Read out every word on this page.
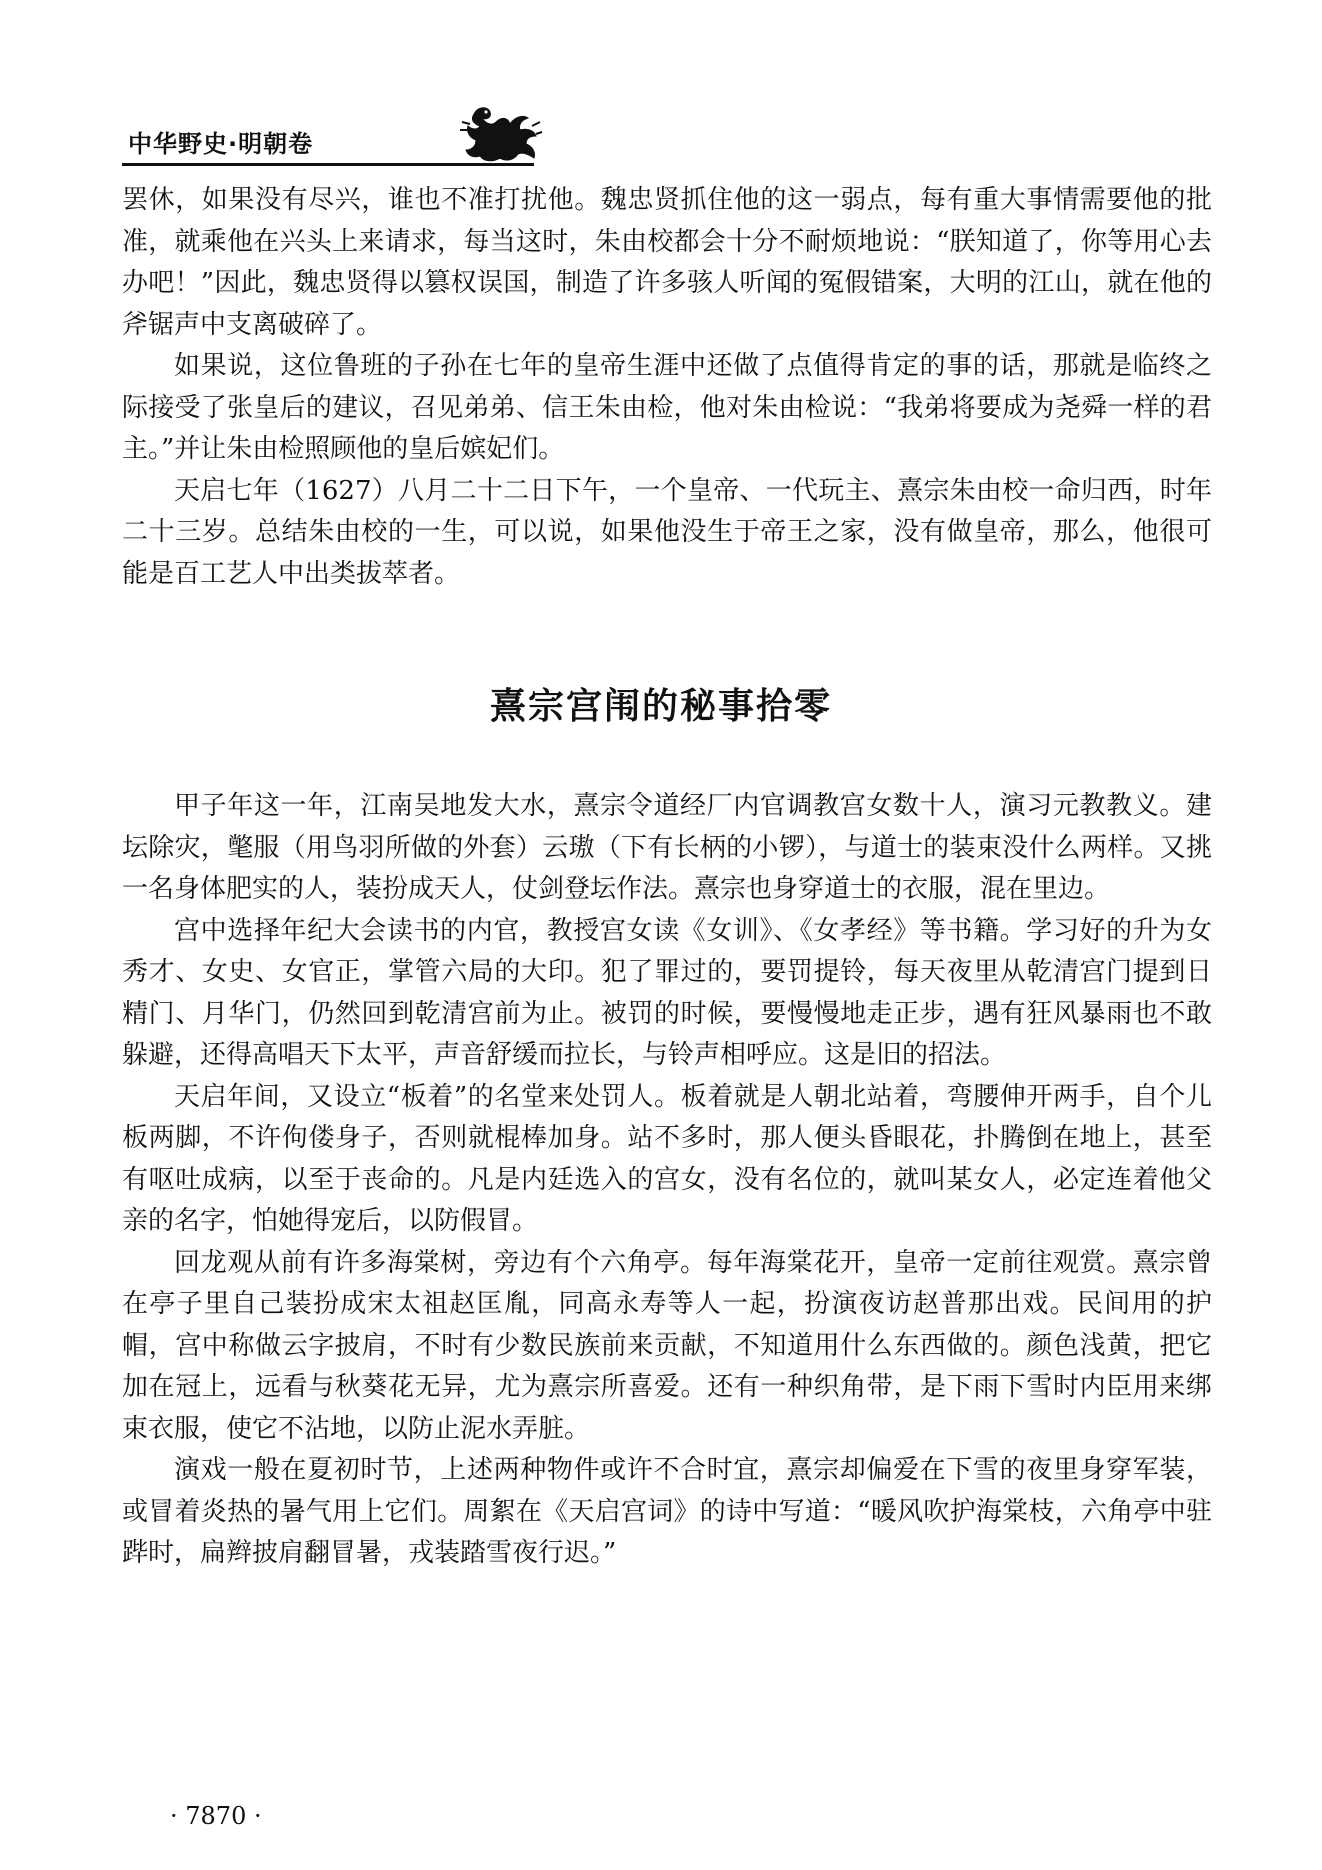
中华野史·明朝卷

罢休，如果没有尽兴，谁也不准打扰他。魏忠贤抓住他的这一弱点，每有重大事情需要他的批准，就乘他在兴头上来请求，每当这时，朱由校都会十分不耐烦地说：“朕知道了，你等用心去办吧！”因此，魏忠贤得以篡权误国，制造了许多骇人听闻的冤假错案，大明的江山，就在他的斧锯声中支离破碎了。

如果说，这位鲁班的子孙在七年的皇帝生涯中还做了点值得肯定的事的话，那就是临终之际接受了张皇后的建议，召见弟弟、信王朱由检，他对朱由检说：“我弟将要成为尧舜一样的君主。”并让朱由检照顾他的皇后嫔妃们。

天启七年（1627）八月二十二日下午，一个皇帝、一代玩主、熹宗朱由校一命归西，时年二十三岁。总结朱由校的一生，可以说，如果他没生于帝王之家，没有做皇帝，那么，他很可能是百工艺人中出类拔萃者。

熹宗宫闱的秘事拾零

甲子年这一年，江南吴地发大水，熹宗令道经厂内官调教宫女数十人，演习元教教义。建坛除灾，氅服（用鸟羽所做的外套）云璈（下有长柄的小锣），与道士的装束没什么两样。又挑一名身体肥实的人，装扮成天人，仗剑登坛作法。熹宗也身穿道士的衣服，混在里边。

宫中选择年纪大会读书的内官，教授宫女读《女训》、《女孝经》等书籍。学习好的升为女秀才、女史、女官正，掌管六局的大印。犯了罪过的，要罚提铃，每天夜里从乾清宫门提到日精门、月华门，仍然回到乾清宫前为止。被罚的时候，要慢慢地走正步，遇有狂风暴雨也不敢躲避，还得高唱天下太平，声音舒缓而拉长，与铃声相呼应。这是旧的招法。

天启年间，又设立“板着”的名堂来处罚人。板着就是人朝北站着，弯腰伸开两手，自个儿板两脚，不许佝偻身子，否则就棍棒加身。站不多时，那人便头昏眼花，扑腾倒在地上，甚至有呕吐成病，以至于丧命的。凡是内廷选入的宫女，没有名位的，就叫某女人，必定连着他父亲的名字，怕她得宠后，以防假冒。

回龙观从前有许多海棠树，旁边有个六角亭。每年海棠花开，皇帝一定前往观赏。熹宗曾在亭子里自己装扮成宋太祖赵匡胤，同高永寿等人一起，扮演夜访赵普那出戏。民间用的护帽，宫中称做云字披肩，不时有少数民族前来贡献，不知道用什么东西做的。颜色浅黄，把它加在冠上，远看与秋葵花无异，尤为熹宗所喜爱。还有一种织角带，是下雨下雪时内臣用来绑束衣服，使它不沾地，以防止泥水弄脏。

演戏一般在夏初时节，上述两种物件或许不合时宜，熹宗却偏爱在下雪的夜里身穿军装，或冒着炎热的暑气用上它们。周絮在《天启宫词》的诗中写道：“暖风吹护海棠枝，六角亭中驻跸时，扁辫披肩翻冒暑，戎装踏雪夜行迟。”

· 7870 ·
